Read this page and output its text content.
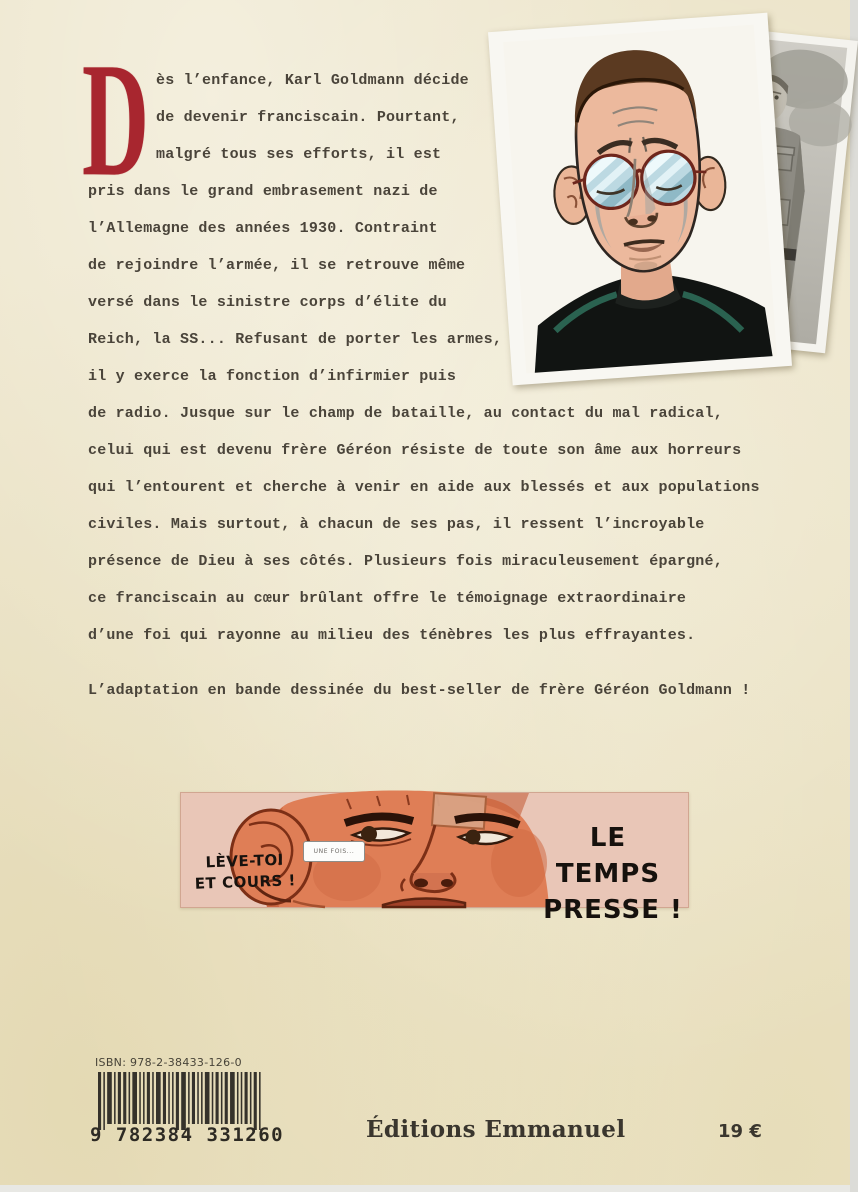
D ès l’enfance, Karl Goldmann décide
de devenir franciscain. Pourtant,
malgré tous ses efforts, il est
pris dans le grand embrasement nazi de
l’Allemagne des années 1930. Contraint
de rejoindre l’armée, il se retrouve même
versé dans le sinistre corps d’élite du
Reich, la SS... Refusant de porter les armes,
il y exerce la fonction d’infirmier puis
de radio. Jusque sur le champ de bataille, au contact du mal radical,
celui qui est devenu frère Géréon résiste de toute son âme aux horreurs
qui l’entourent et cherche à venir en aide aux blessés et aux populations
civiles. Mais surtout, à chacun de ses pas, il ressent l’incroyable
présence de Dieu à ses côtés. Plusieurs fois miraculeusement épargné,
ce franciscain au cœur brûlant offre le témoignage extraordinaire
d’une foi qui rayonne au milieu des ténèbres les plus effrayantes.
L’adaptation en bande dessinée du best-seller de frère Géréon Goldmann !
LÈVE-TOI
ET COURS !
UNE FOIS...	LE TEMPS
PRESSE !
ISBN: 978-2-38433-126-0
9 782384 331260	Éditions Emmanuel	19 €
